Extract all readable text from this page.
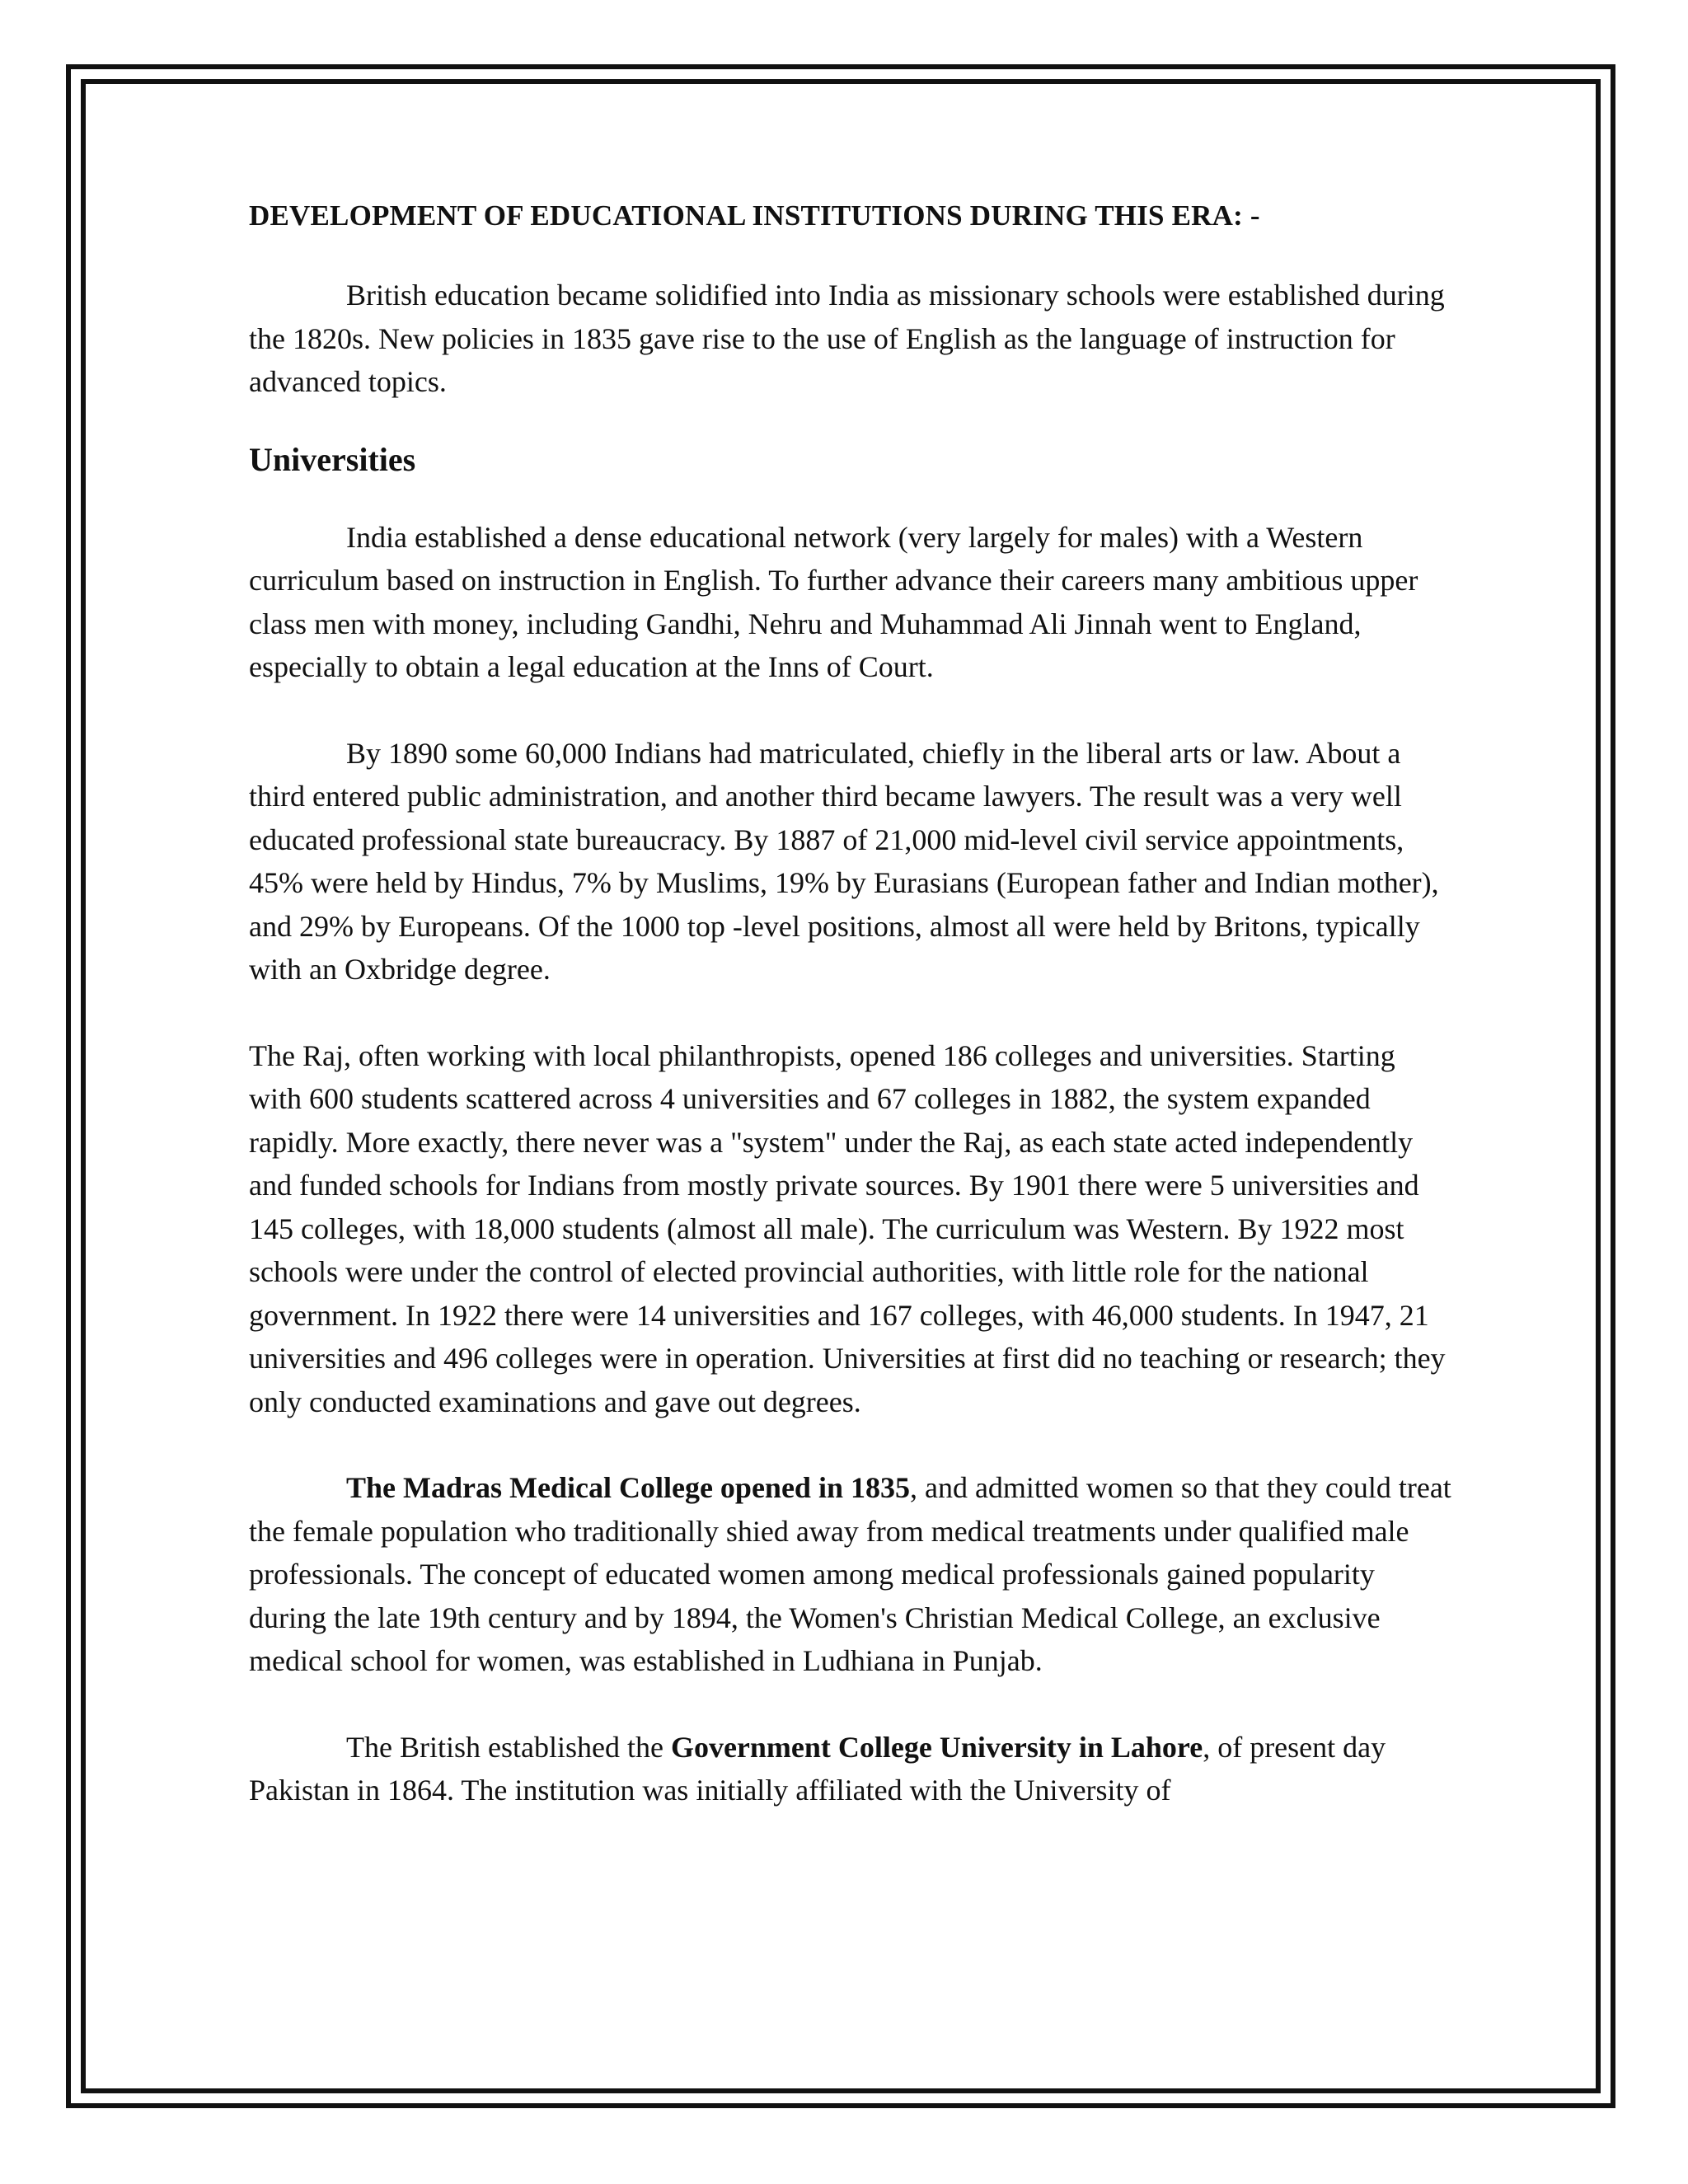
DEVELOPMENT OF EDUCATIONAL INSTITUTIONS DURING THIS ERA: -

British education became solidified into India as missionary schools were established during the 1820s. New policies in 1835 gave rise to the use of English as the language of instruction for advanced topics.

Universities

India established a dense educational network (very largely for males) with a Western curriculum based on instruction in English. To further advance their careers many ambitious upper class men with money, including Gandhi, Nehru and Muhammad Ali Jinnah went to England, especially to obtain a legal education at the Inns of Court.

By 1890 some 60,000 Indians had matriculated, chiefly in the liberal arts or law. About a third entered public administration, and another third became lawyers. The result was a very well educated professional state bureaucracy. By 1887 of 21,000 mid-level civil service appointments, 45% were held by Hindus, 7% by Muslims, 19% by Eurasians (European father and Indian mother), and 29% by Europeans. Of the 1000 top -level positions, almost all were held by Britons, typically with an Oxbridge degree.

The Raj, often working with local philanthropists, opened 186 colleges and universities. Starting with 600 students scattered across 4 universities and 67 colleges in 1882, the system expanded rapidly. More exactly, there never was a "system" under the Raj, as each state acted independently and funded schools for Indians from mostly private sources. By 1901 there were 5 universities and 145 colleges, with 18,000 students (almost all male). The curriculum was Western. By 1922 most schools were under the control of elected provincial authorities, with little role for the national government. In 1922 there were 14 universities and 167 colleges, with 46,000 students. In 1947, 21 universities and 496 colleges were in operation. Universities at first did no teaching or research; they only conducted examinations and gave out degrees.

The Madras Medical College opened in 1835, and admitted women so that they could treat the female population who traditionally shied away from medical treatments under qualified male professionals. The concept of educated women among medical professionals gained popularity during the late 19th century and by 1894, the Women's Christian Medical College, an exclusive medical school for women, was established in Ludhiana in Punjab.

The British established the Government College University in Lahore, of present day Pakistan in 1864. The institution was initially affiliated with the University of
